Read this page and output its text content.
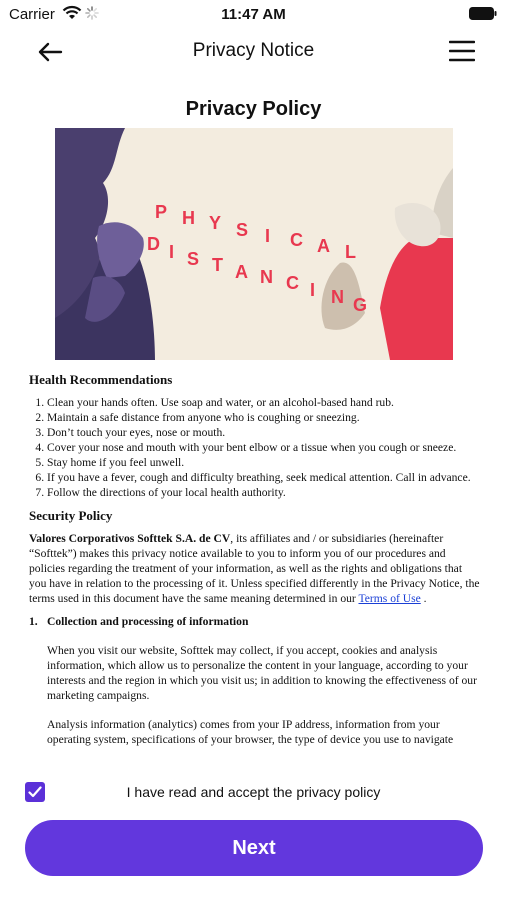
Carrier	11:47 AM
Privacy Notice
Privacy Policy
P H Y S I C A L
D I S T A N C I N G
Health Recommendations
1. Clean your hands often. Use soap and water, or an alcohol-based hand rub.
2. Maintain a safe distance from anyone who is coughing or sneezing.
3. Don’t touch your eyes, nose or mouth.
4. Cover your nose and mouth with your bent elbow or a tissue when you cough or sneeze.
5. Stay home if you feel unwell.
6. If you have a fever, cough and difficulty breathing, seek medical attention. Call in advance.
7. Follow the directions of your local health authority.
Security Policy

Valores Corporativos Softtek S.A. de CV, its affiliates and / or subsidiaries (hereinafter “Softtek”) makes this privacy notice available to you to inform you of our procedures and policies regarding the treatment of your information, as well as the rights and obligations that you have in relation to the processing of it. Unless specified differently in the Privacy Notice, the terms used in this document have the same meaning determined in our Terms of Use .

1. Collection and processing of information

When you visit our website, Softtek may collect, if you accept, cookies and analysis information, which allow us to personalize the content in your language, according to your interests and the region in which you visit us; in addition to knowing the effectiveness of our marketing campaigns.

Analysis information (analytics) comes from your IP address, information from your operating system, specifications of your browser, the type of device you use to navigate

I have read and accept the privacy policy
Next
